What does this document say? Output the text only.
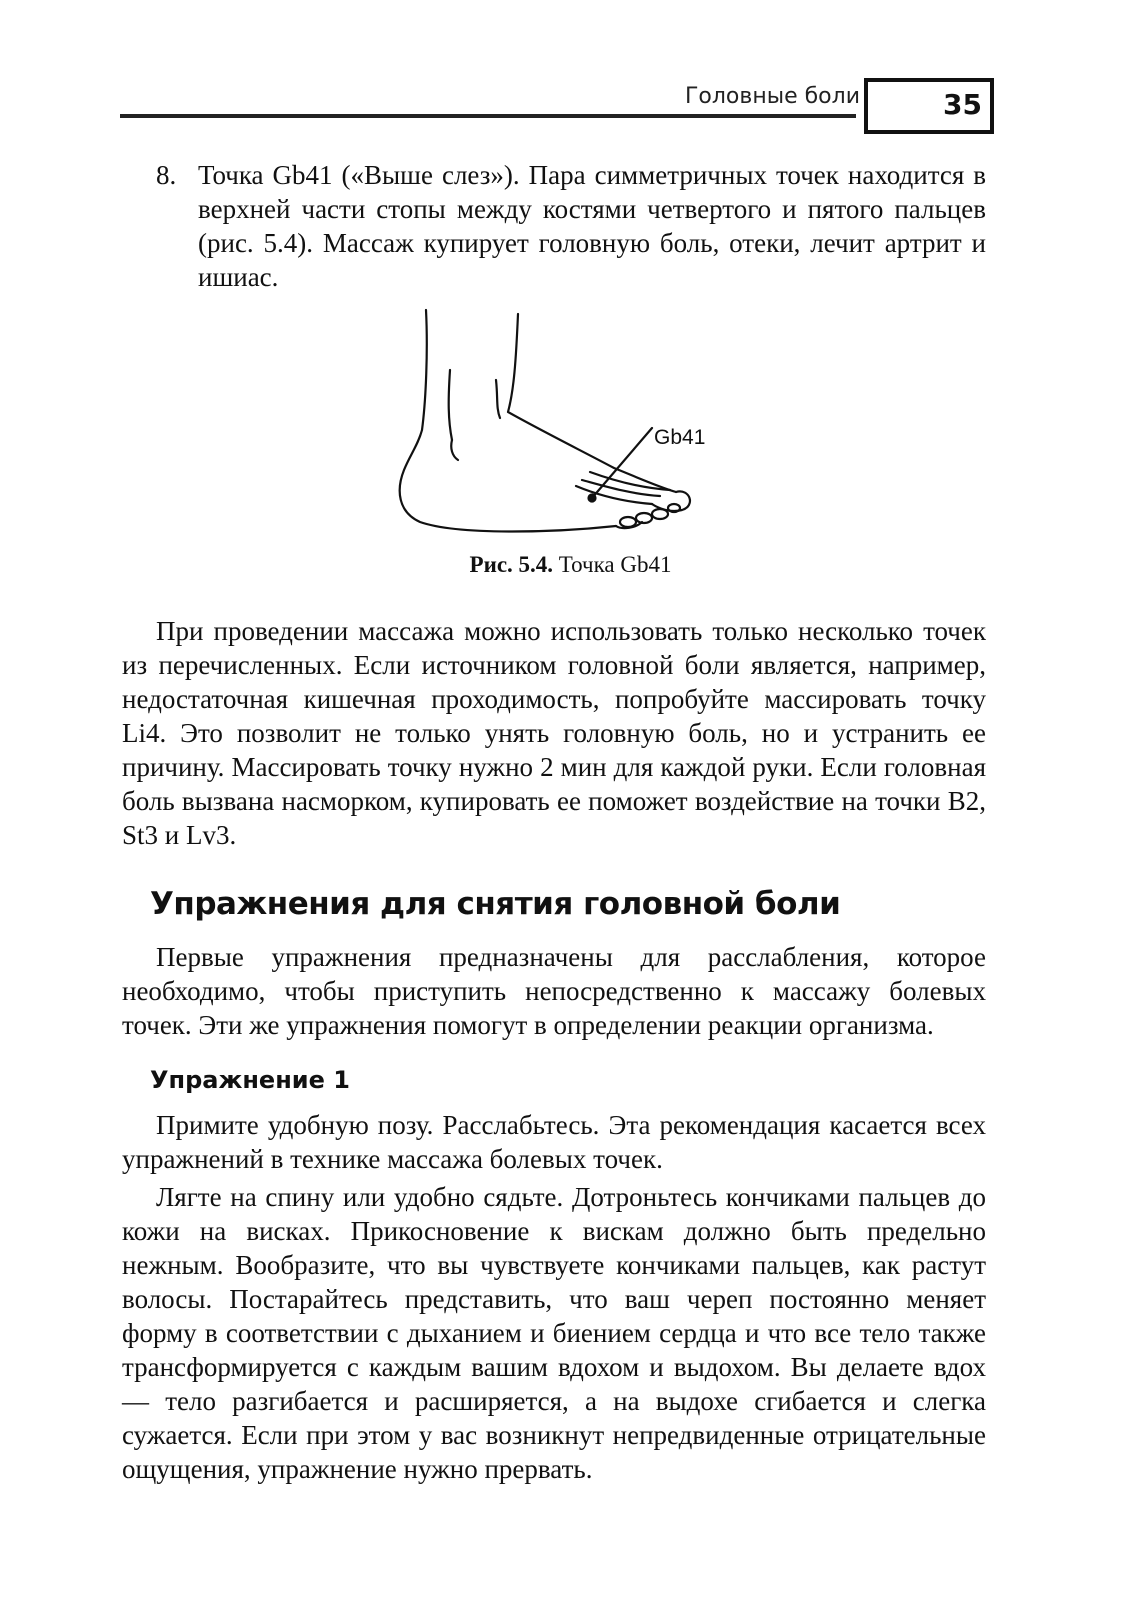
Головные боли	35
8. Точка Gb41 («Выше слез»). Пара симметричных точек находится в верхней части стопы между костями четвертого и пятого пальцев (рис. 5.4). Массаж купирует головную боль, отеки, лечит артрит и ишиас.
Gb41
Рис. 5.4. Точка Gb41
При проведении массажа можно использовать только несколько точек из перечисленных. Если источником головной боли является, например, недостаточная кишечная проходимость, попробуйте массировать точку Li4. Это позволит не только унять головную боль, но и устранить ее причину. Массировать точку нужно 2 мин для каждой руки. Если головная боль вызвана насморком, купировать ее поможет воздействие на точки B2, St3 и Lv3.
Упражнения для снятия головной боли
Первые упражнения предназначены для расслабления, которое необходимо, чтобы приступить непосредственно к массажу болевых точек. Эти же упражнения помогут в определении реакции организма.
Упражнение 1
Примите удобную позу. Расслабьтесь. Эта рекомендация касается всех упражнений в технике массажа болевых точек.
Лягте на спину или удобно сядьте. Дотроньтесь кончиками пальцев до кожи на висках. Прикосновение к вискам должно быть предельно нежным. Вообразите, что вы чувствуете кончиками пальцев, как растут волосы. Постарайтесь представить, что ваш череп постоянно меняет форму в соответствии с дыханием и биением сердца и что все тело также трансформируется с каждым вашим вдохом и выдохом. Вы делаете вдох — тело разгибается и расширяется, а на выдохе сгибается и слегка сужается. Если при этом у вас возникнут непредвиденные отрицательные ощущения, упражнение нужно прервать.
